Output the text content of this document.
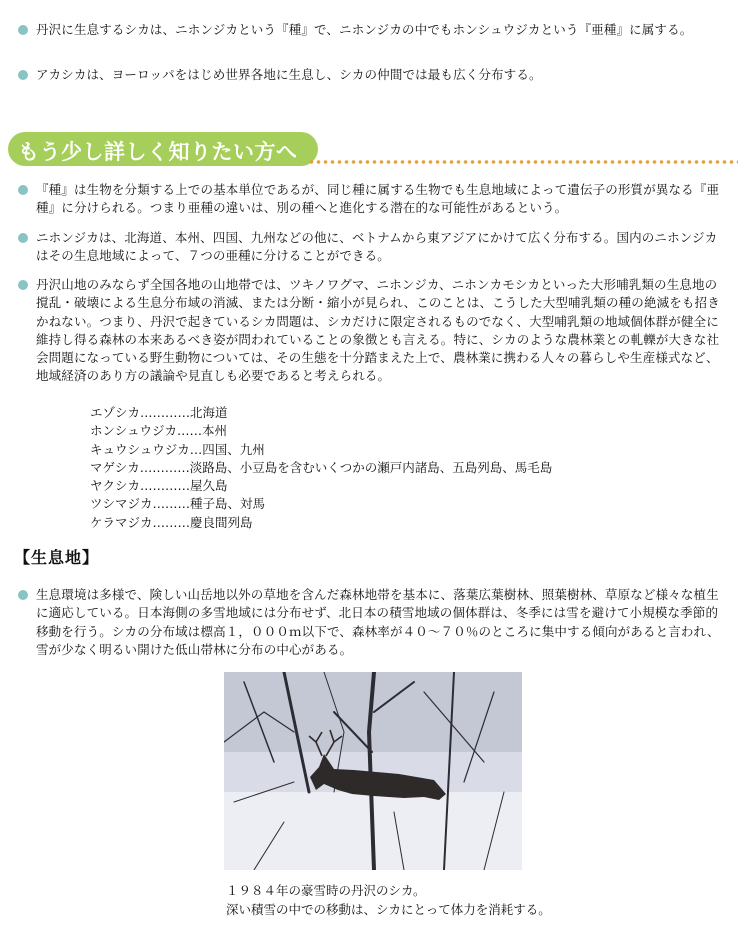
丹沢に生息するシカは、ニホンジカという『種』で、ニホンジカの中でもホンシュウジカという『亜種』に属する。
アカシカは、ヨーロッパをはじめ世界各地に生息し、シカの仲間では最も広く分布する。
もう少し詳しく知りたい方へ
『種』は生物を分類する上での基本単位であるが、同じ種に属する生物でも生息地域によって遺伝子の形質が異なる『亜種』に分けられる。つまり亜種の違いは、別の種へと進化する潜在的な可能性があるという。
ニホンジカは、北海道、本州、四国、九州などの他に、ベトナムから東アジアにかけて広く分布する。国内のニホンジカはその生息地域によって、７つの亜種に分けることができる。
丹沢山地のみならず全国各地の山地帯では、ツキノワグマ、ニホンジカ、ニホンカモシカといった大形哺乳類の生息地の撹乱・破壊による生息分布域の消滅、または分断・縮小が見られ、このことは、こうした大型哺乳類の種の絶滅をも招きかねない。つまり、丹沢で起きているシカ問題は、シカだけに限定されるものでなく、大型哺乳類の地域個体群が健全に維持し得る森林の本来あるべき姿が問われていることの象徴とも言える。特に、シカのような農林業との軋轢が大きな社会問題になっている野生動物については、その生態を十分踏まえた上で、農林業に携わる人々の暮らしや生産様式など、地域経済のあり方の議論や見直しも必要であると考えられる。
エゾシカ…………北海道
ホンシュウジカ……本州
キュウシュウジカ…四国、九州
マゲシカ…………淡路島、小豆島を含むいくつかの瀬戸内諸島、五島列島、馬毛島
ヤクシカ…………屋久島
ツシマジカ………種子島、対馬
ケラマジカ………慶良間列島
【生息地】
生息環境は多様で、険しい山岳地以外の草地を含んだ森林地帯を基本に、落葉広葉樹林、照葉樹林、草原など様々な植生に適応している。日本海側の多雪地域には分布せず、北日本の積雪地域の個体群は、冬季には雪を避けて小規模な季節的移動を行う。シカの分布域は標高１，０００ｍ以下で、森林率が４０～７０％のところに集中する傾向があると言われ、雪が少なく明るい開けた低山帯林に分布の中心がある。
１９８４年の豪雪時の丹沢のシカ。
深い積雪の中での移動は、シカにとって体力を消耗する。
